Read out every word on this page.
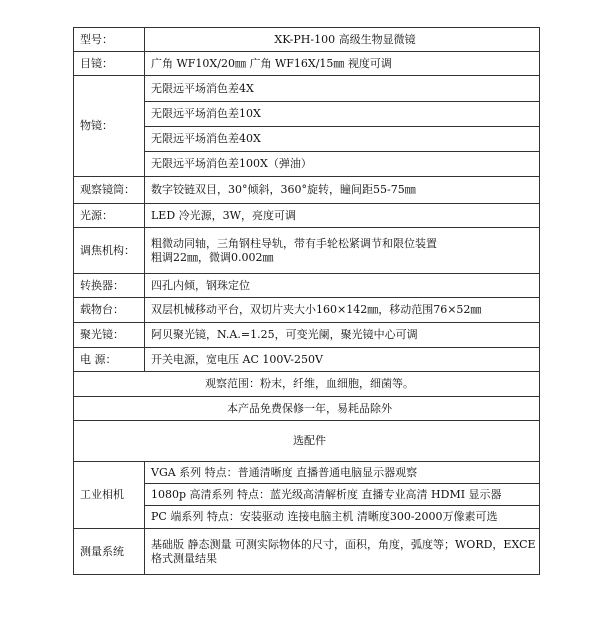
型号：	XK-PH-100 高级生物显微镜
目镜：	广角 WF10X/20㎜ 广角 WF16X/15㎜ 视度可调
物镜：	无限远平场消色差4X
	无限远平场消色差10X
	无限远平场消色差40X
	无限远平场消色差100X（弹油）
观察镜筒：	数字铰链双目，30°倾斜，360°旋转，瞳间距55-75㎜
光源：	LED 冷光源，3W，亮度可调
调焦机构：	粗微动同轴，三角钢柱导轨，带有手轮松紧调节和限位装置
粗调22㎜，微调0.002㎜

转换器：	四孔内倾，钢珠定位
载物台：	双层机械移动平台，双切片夹大小160×142㎜，移动范围76×52㎜
聚光镜：	阿贝聚光镜，N.A.=1.25，可变光阑，聚光镜中心可调
电 源：	开关电源，宽电压 AC 100V-250V
观察范围：粉末，纤维，血细胞，细菌等。	
本产品免费保修一年，易耗品除外	
选配件	
工业相机	VGA 系列 特点：普通清晰度 直播普通电脑显示器观察
	1080p 高清系列 特点：蓝光级高清解析度 直播专业高清 HDMI 显示器
	PC 端系列 特点：安装驱动 连接电脑主机 清晰度300-2000万像素可选
测量系统	基础版 静态测量 可测实际物体的尺寸，面积，角度，弧度等；WORD，EXCE
格式测量结果
